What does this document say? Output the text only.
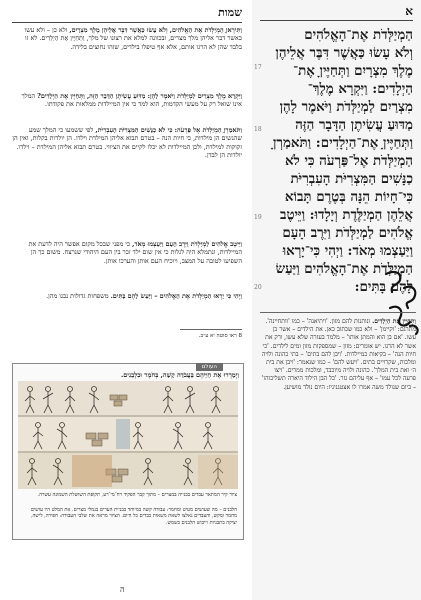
שמות
וַתִּירֶאןָ הַמְיַלְּדֹת אֶת הָאֱלֹהִים, וְלֹא עָשׂוּ כַּאֲשֶׁר דִּבֶּר אֲלֵיהֶן מֶלֶךְ מִצְרָיִם, ולא כן – ולא עשו כאשר דבר אליהן מלך מצרים, ובכוונה למלא את רצונו של מלך, וַתְּחַיֶּין אֶת הַיְלָדִים. לא זו בלבד שהן לא הרגו אותם, אלא אף טיפלו בילדים, שזהו נחוצים בלידה.
וַיִּקְרָא מֶלֶךְ מִצְרַיִם לַמְיַלְּדֹת וַיֹּאמֶר לָהֶן: מַדּוּעַ עֲשִׂיתֶן הַדָּבָר הַזֶּה, וַתְּחַיֶּין אֶת הַיְלָדִים? המלך אינו שואל רק על מעשי הקדמות, הוא למד כי אין המיילדות ממלאות את פקודתו.
וַתֹּאמַרְןָ הַמְיַלְּדֹת אֶל פַּרְעֹה: כִּי לֹא כַנָּשִׁים הַמִּצְרִיֹּת הָעִבְרִיֹּת, לפי ששמעו כי המלך שמע שהנשים הן מילדות, כי חיות הנה – בטרם תבוא אליהן המילדת וילדו. הן יולדות בקלות, ואין הן זקוקות למילדת, ולכן המיילדות לא יכלו לקיים את הציווי. בטרם תבוא אליהן המילדת – וילדו. יולדות הן לבדן.
וַיֵּיטֶב אֱלֹהִים לַמְיַלְּדֹת וַיִּרֶב הָעָם וַיַּעַצְמוּ מְאֹד, כי מפני שבכל מקום אפשר היה לדעת את המיילדות, ונתמלא היה לגלות כי אין שום ילד זכר בין העם היהודי שנרצח. משום כך הן השפיעו לטובה על המצב, ויוכיח העם אותן והערכו אותן.
וַיְהִי כִּי יָרְאוּ הַמְיַלְּדֹת אֶת הָאֱלֹהִים – וַיַּעַשׂ לָהֶם בָּתִּים. משפחות גדולות נבנו מהן.
8 ראו סוטה יא ע״ב.
העולם
וַיְמָרְרוּ אֶת חַיֵּיהֶם בַּעֲבֹדָה קָשָׁה, בְּחֹמֶר וּבִלְבֵנִים.
ציור קיר המתאר עבדים בבנייה במצרים – מתוך קבר הפקיד רח־מי־רע, תקופת השושלת השמונה עשרה.
הלבנים – מה שעושים מטיט ומחמר: עבודה קשה במיוחד בבניית הערים בנמלי מצרים. את המלט היו עושים מחמר ומקש, והעבדים נאלצו לשאת משאות כבדים כל היום. הציור מראה את שלבי העבודה: חפירה, לישה, יציקה בתבניות וייבוש הלבנים בשמש.
ה
א
הַמְיַלְּדֹת אֶת־הָאֱלֹהִים
וְלֹא עָשׂוּ כַּאֲשֶׁר דִּבֶּר אֲלֵיהֶן
מֶלֶךְ מִצְרָיִם וַתְּחַיֶּיןָ אֶת־
הַיְלָדִים: וַיִּקְרָא מֶלֶךְ־
מִצְרַיִם לַמְיַלְּדֹת וַיֹּאמֶר לָהֶן
מַדּוּעַ עֲשִׂיתֶן הַדָּבָר הַזֶּה
וַתְּחַיֶּיןָ אֶת־הַיְלָדִים: וַתֹּאמַרְןָ
הַמְיַלְּדֹת אֶל־פַּרְעֹה כִּי לֹא
כַנָּשִׁים הַמִּצְרִיֹּת הָעִבְרִיֹּת
כִּי־חָיוֹת הֵנָּה בְּטֶרֶם תָּבוֹא
אֲלֵהֶן הַמְיַלֶּדֶת וְיָלָדוּ: וַיֵּיטֶב
אֱלֹהִים לַמְיַלְּדֹת וַיִּרֶב הָעָם
וַיַּעַצְמוּ מְאֹד: וַיְהִי כִּי־יָרְאוּ
הַמְיַלְּדֹת אֶת־הָאֱלֹהִים וַיַּעַשׂ
לָהֶם בָּתִּים:
17
18
19
20
וַתְּחַיֶּין אֶת הַיְלָדִים. ונותנות להם מזון. 'ויתיאנה' – כמו 'וותחיינה'. מתרגם: 'וקיימן' – ולא כמו שכתוב כאן. את הילדים – אשר כן עשו. 'אם בן הוא והמתן אותו' – מלמד בעזרה שלא עשו, ורק את אשר לא הרגו. יש אומרים: מזון – שמספקות מזון ומים לילדים. 'כי חיות הנה' – בקיאות כמיילדות. 'ויבן להם בתים' – בתי כהונה ולויה ומלכות, שקרויים בתים. 'ויעש להם' – כמו שנאמר: 'ויבן את בית ה׳ ואת בית המלך'. כהונה ולויה מיוכבד, ומלכות ממרים. 'ויצו פרעה לכל עמו' – אף עליהם גזר. 'כל הבן הילוד היארה תשליכוהו' – ביום שנולד משה אמרו לו אצטגניניו: היום נולד מושיען.
